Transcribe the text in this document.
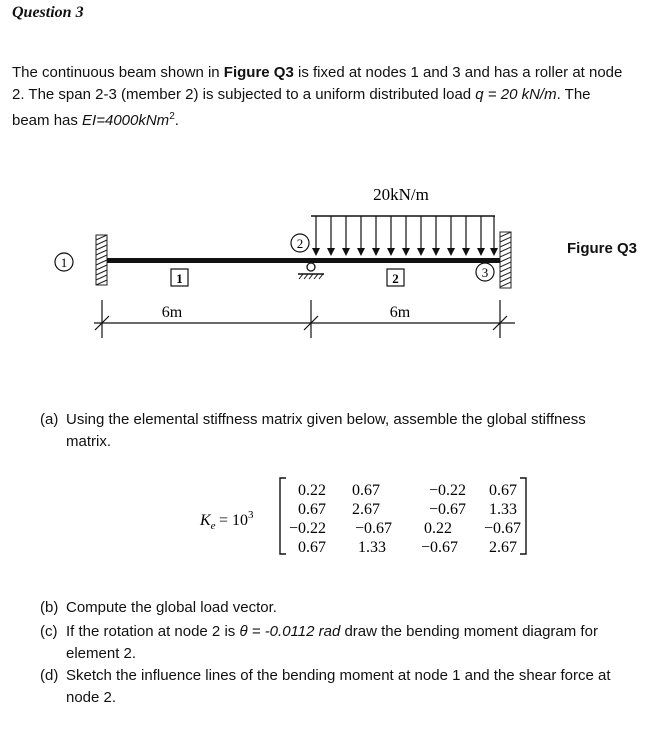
Question 3
The continuous beam shown in Figure Q3 is fixed at nodes 1 and 3 and has a roller at node
2. The span 2-3 (member 2) is subjected to a uniform distributed load q = 20 kN/m. The
beam has EI=4000kNm$^2$.
20kN/m
1
2
3
1	2
6m	6m
Figure Q3
(a) Using the elemental stiffness matrix given below, assemble the global stiffness
matrix.
$K_e = 10^3$
0.22 0.67	−0.22 0.67
0.67 2.67	−0.67 1.33
−0.22 −0.67 0.22 −0.67
0.67 1.33 −0.67 2.67
(b) Compute the global load vector.
(c) If the rotation at node 2 is θ = -0.0112 rad draw the bending moment diagram for
element 2.
(d) Sketch the influence lines of the bending moment at node 1 and the shear force at
node 2.
